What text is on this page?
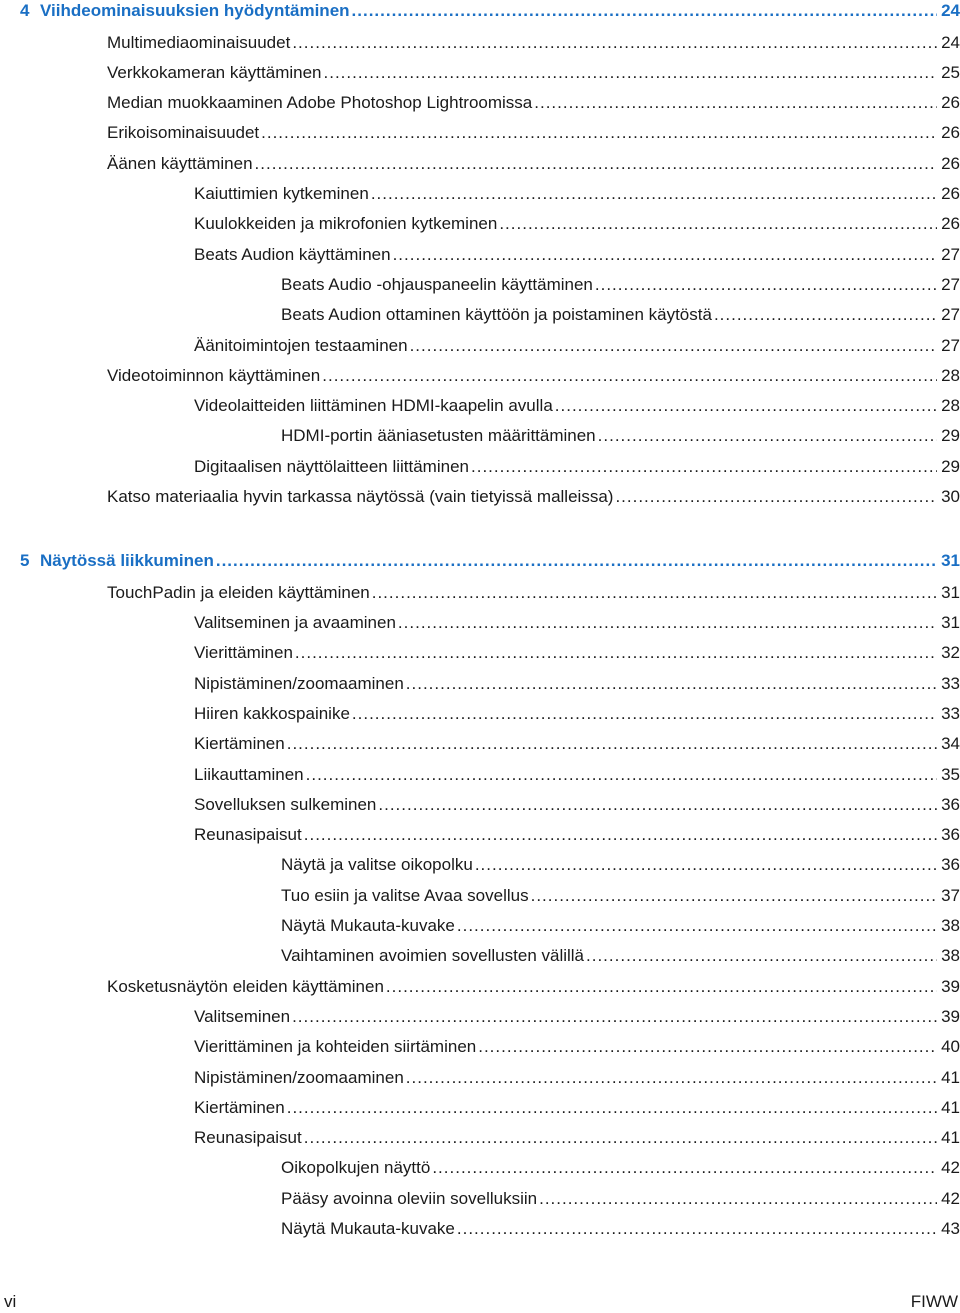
4 Viihdeominaisuuksien hyödyntäminen .....	24
Multimediaominaisuudet .....	24
Verkkokameran käyttäminen .....	25
Median muokkaaminen Adobe Photoshop Lightroomissa .....	26
Erikoisominaisuudet .....	26
Äänen käyttäminen .....	26
Kaiuttimien kytkeminen .....	26
Kuulokkeiden ja mikrofonien kytkeminen .....	26
Beats Audion käyttäminen .....	27
Beats Audio -ohjauspaneelin käyttäminen .....	27
Beats Audion ottaminen käyttöön ja poistaminen käytöstä .....	27
Äänitoimintojen testaaminen .....	27
Videotoiminnon käyttäminen .....	28
Videolaitteiden liittäminen HDMI-kaapelin avulla .....	28
HDMI-portin ääniasetusten määrittäminen .....	29
Digitaalisen näyttölaitteen liittäminen .....	29
Katso materiaalia hyvin tarkassa näytössä (vain tietyissä malleissa) .....	30
5 Näytössä liikkuminen .....	31
TouchPadin ja eleiden käyttäminen .....	31
Valitseminen ja avaaminen .....	31
Vierittäminen .....	32
Nipistäminen/zoomaaminen .....	33
Hiiren kakkospainike .....	33
Kiertäminen .....	34
Liikauttaminen .....	35
Sovelluksen sulkeminen .....	36
Reunasipaisut .....	36
Näytä ja valitse oikopolku .....	36
Tuo esiin ja valitse Avaa sovellus .....	37
Näytä Mukauta-kuvake .....	38
Vaihtaminen avoimien sovellusten välillä .....	38
Kosketusnäytön eleiden käyttäminen .....	39
Valitseminen .....	39
Vierittäminen ja kohteiden siirtäminen .....	40
Nipistäminen/zoomaaminen .....	41
Kiertäminen .....	41
Reunasipaisut .....	41
Oikopolkujen näyttö .....	42
Pääsy avoinna oleviin sovelluksiin .....	42
Näytä Mukauta-kuvake .....	43
vi	FIWW
